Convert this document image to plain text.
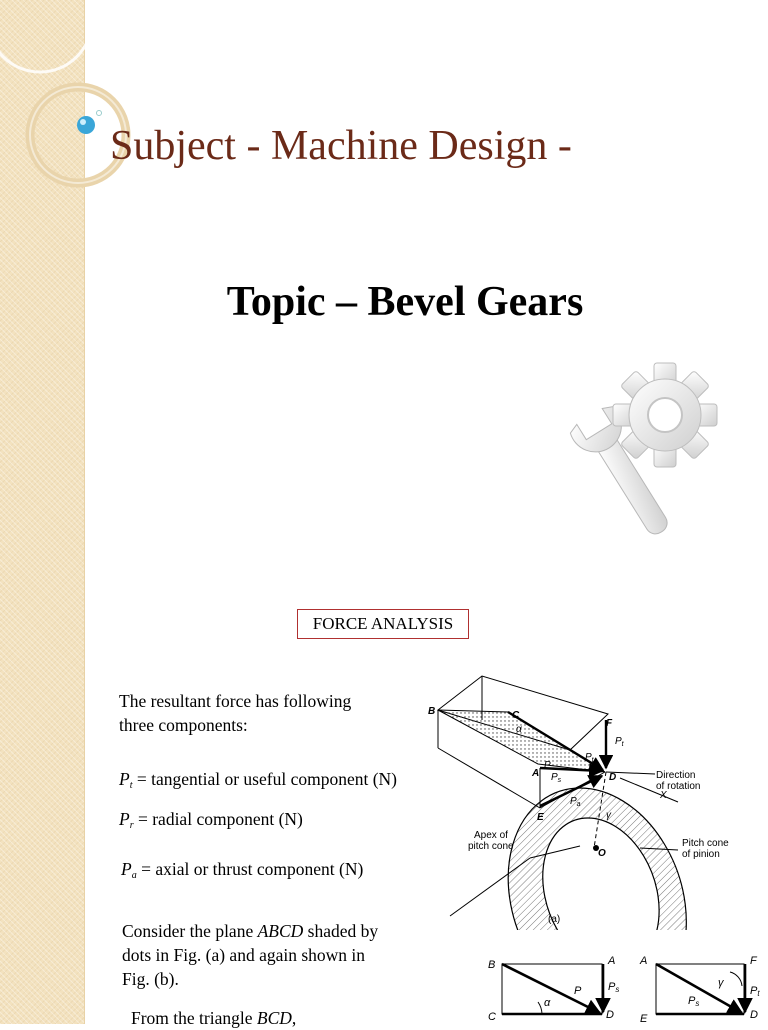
Subject - Machine Design -
Topic – Bevel Gears
FORCE ANALYSIS
The resultant force has following
three components:
$P_t$ = tangential or useful component (N)
$P_r$ = radial component (N)
$P_a$ = axial or thrust component (N)
Consider the plane ABCD shaded by
dots in Fig. (a) and again shown in
Fig. (b).
From the triangle BCD,
B	C
F
A	D
E
X
O
α
γ
P
$P_t$
$P_s$
$P_t$
$P_a$
Direction of rotation
Apex of pitch cone	Pitch cone of pinion
(a)
B	A
C	D
α
P Ps
A	F
E	D
γ
Ps
Pt
